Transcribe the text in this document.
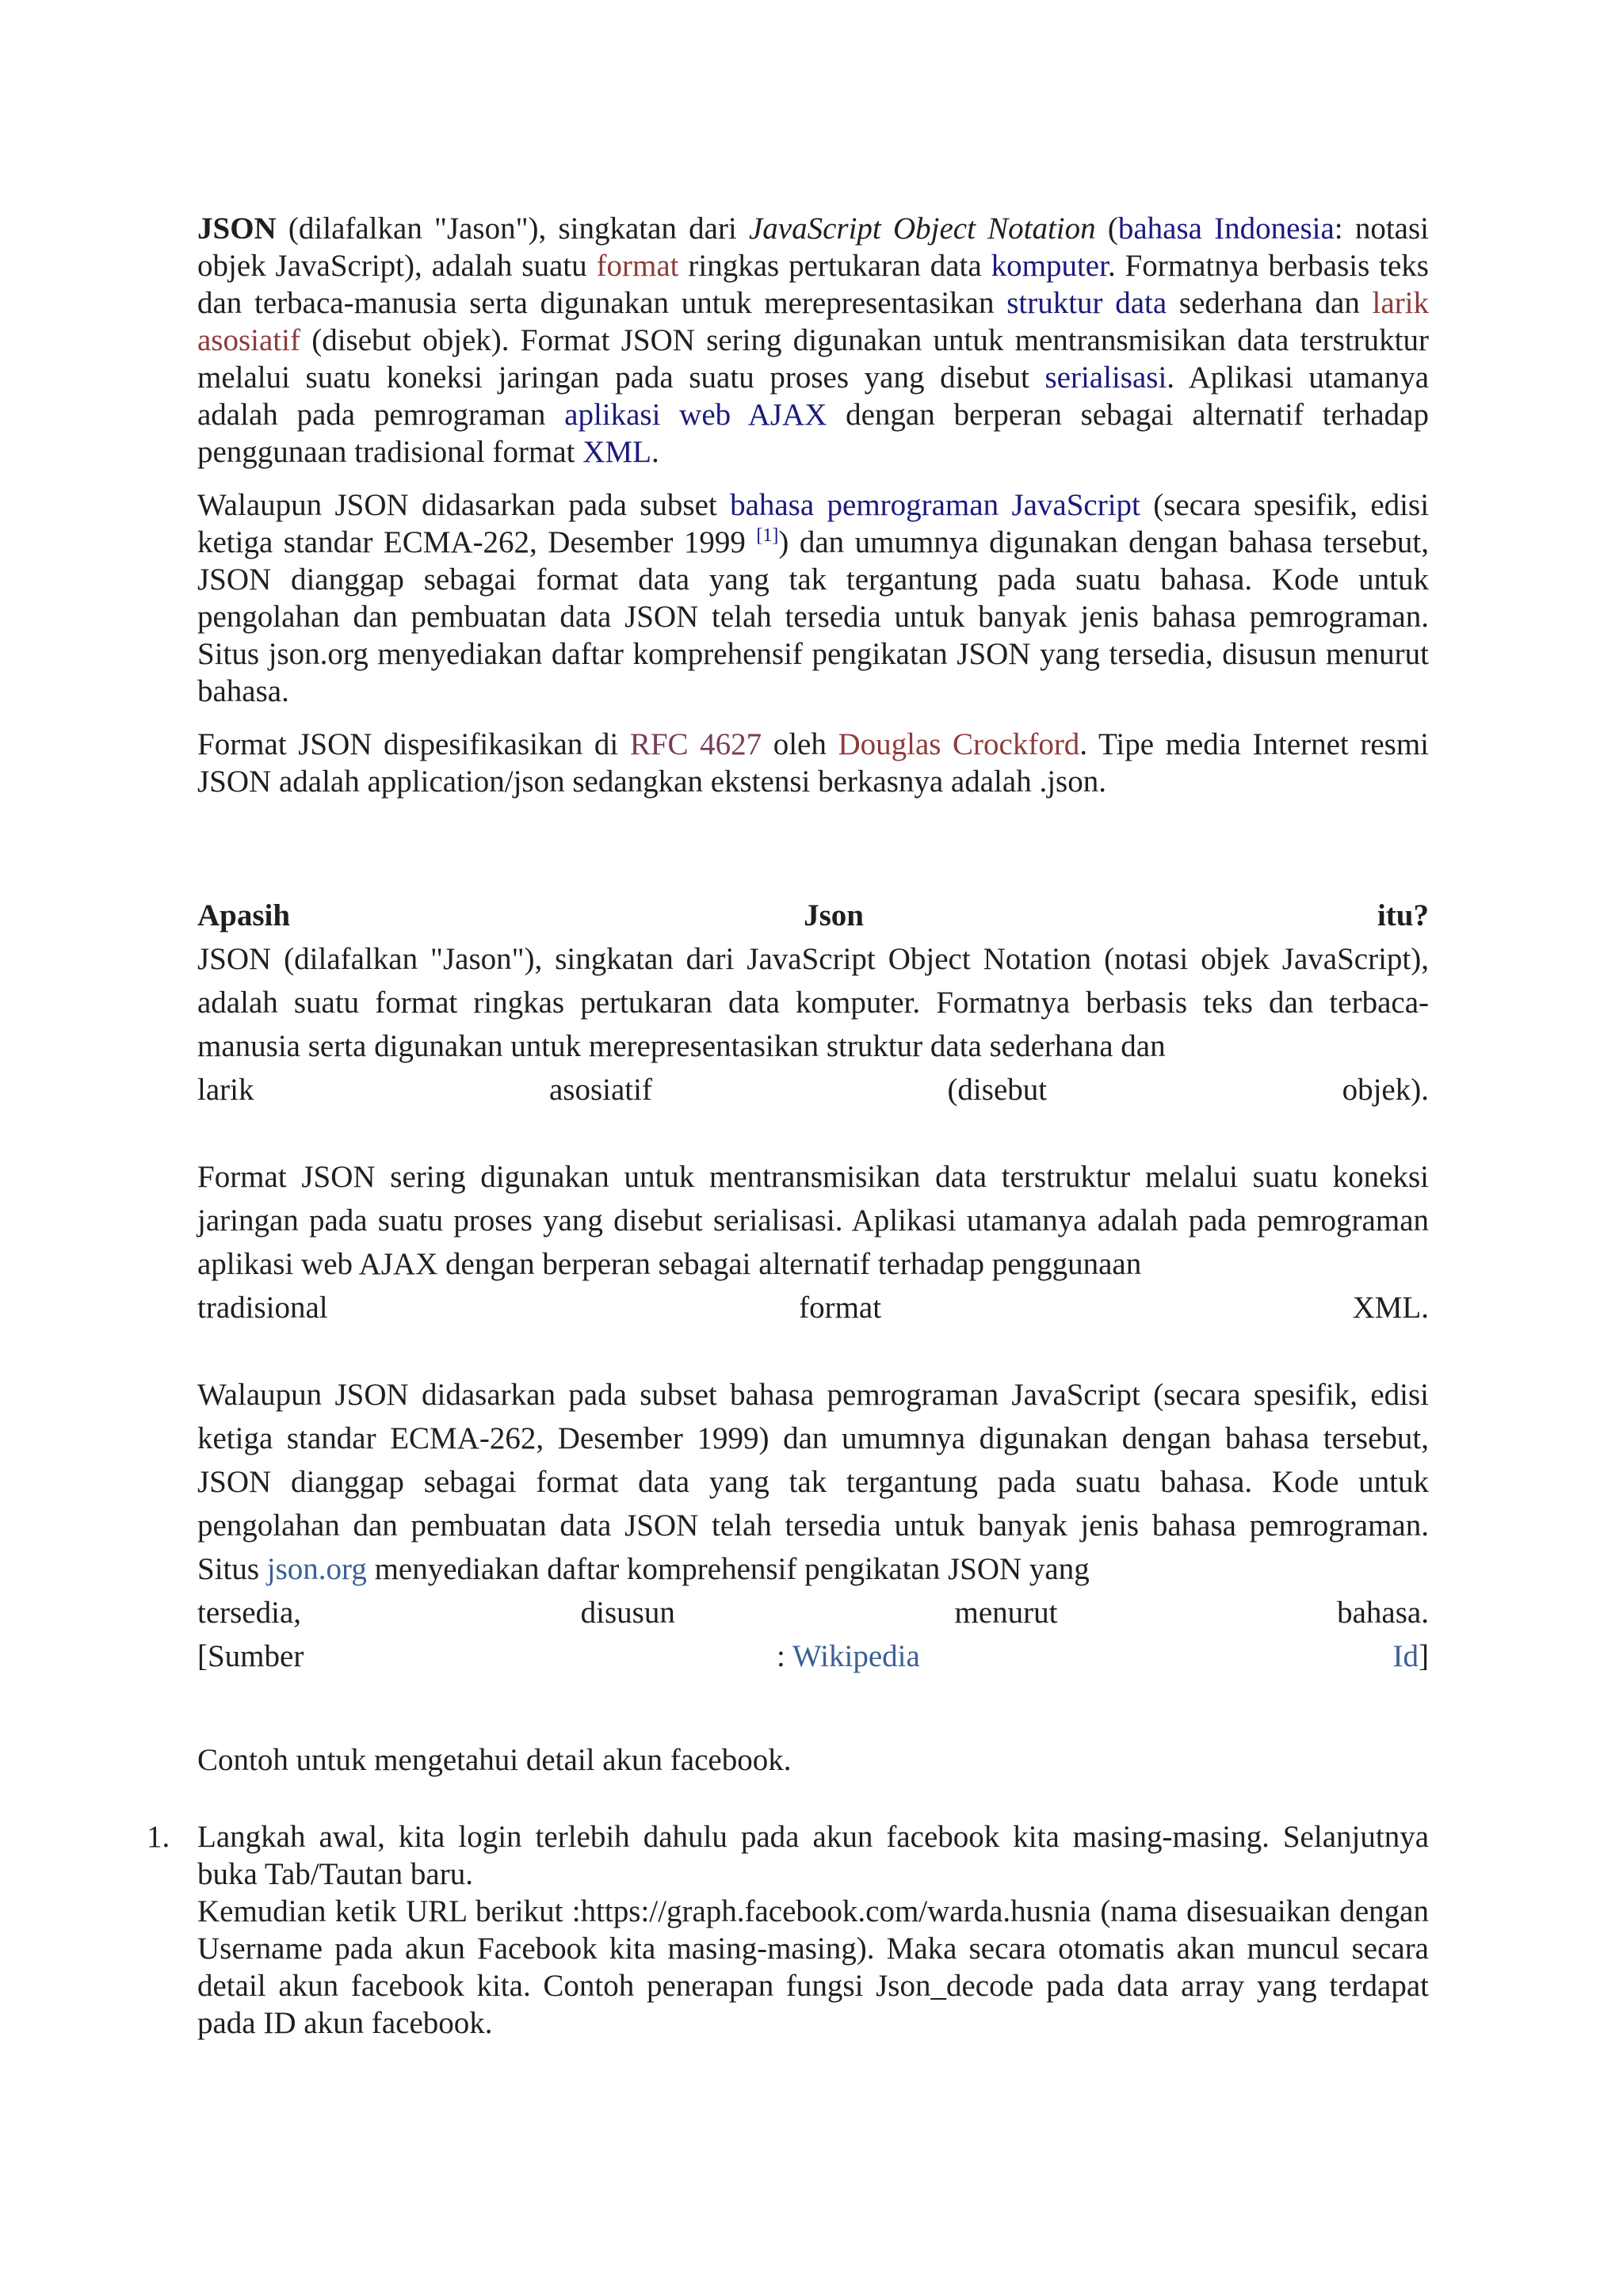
JSON (dilafalkan "Jason"), singkatan dari JavaScript Object Notation (bahasa Indonesia: notasi objek JavaScript), adalah suatu format ringkas pertukaran data komputer. Formatnya berbasis teks dan terbaca-manusia serta digunakan untuk merepresentasikan struktur data sederhana dan larik asosiatif (disebut objek). Format JSON sering digunakan untuk mentransmisikan data terstruktur melalui suatu koneksi jaringan pada suatu proses yang disebut serialisasi. Aplikasi utamanya adalah pada pemrograman aplikasi web AJAX dengan berperan sebagai alternatif terhadap penggunaan tradisional format XML.

Walaupun JSON didasarkan pada subset bahasa pemrograman JavaScript (secara spesifik, edisi ketiga standar ECMA-262, Desember 1999 [1]) dan umumnya digunakan dengan bahasa tersebut, JSON dianggap sebagai format data yang tak tergantung pada suatu bahasa. Kode untuk pengolahan dan pembuatan data JSON telah tersedia untuk banyak jenis bahasa pemrograman. Situs json.org menyediakan daftar komprehensif pengikatan JSON yang tersedia, disusun menurut bahasa.

Format JSON dispesifikasikan di RFC 4627 oleh Douglas Crockford. Tipe media Internet resmi JSON adalah application/json sedangkan ekstensi berkasnya adalah .json.

Apasih	Json	itu?

JSON (dilafalkan "Jason"), singkatan dari JavaScript Object Notation (notasi objek JavaScript), adalah suatu format ringkas pertukaran data komputer. Formatnya berbasis teks dan terbaca-manusia serta digunakan untuk merepresentasikan struktur data sederhana dan

larik	asosiatif	(disebut	objek).

Format JSON sering digunakan untuk mentransmisikan data terstruktur melalui suatu koneksi jaringan pada suatu proses yang disebut serialisasi. Aplikasi utamanya adalah pada pemrograman aplikasi web AJAX dengan berperan sebagai alternatif terhadap penggunaan

tradisional	format	XML.

Walaupun JSON didasarkan pada subset bahasa pemrograman JavaScript (secara spesifik, edisi ketiga standar ECMA-262, Desember 1999) dan umumnya digunakan dengan bahasa tersebut, JSON dianggap sebagai format data yang tak tergantung pada suatu bahasa. Kode untuk pengolahan dan pembuatan data JSON telah tersedia untuk banyak jenis bahasa pemrograman. Situs json.org menyediakan daftar komprehensif pengikatan JSON yang

tersedia,	disusun	menurut	bahasa.
[Sumber	: Wikipedia	Id]

Contoh untuk mengetahui detail akun facebook.

1. Langkah awal, kita login terlebih dahulu pada akun facebook kita masing-masing. Selanjutnya buka Tab/Tautan baru.

Kemudian ketik URL berikut :https://graph.facebook.com/warda.husnia (nama disesuaikan dengan Username pada akun Facebook kita masing-masing). Maka secara otomatis akan muncul secara detail akun facebook kita. Contoh penerapan fungsi Json_decode pada data array yang terdapat pada ID akun facebook.
